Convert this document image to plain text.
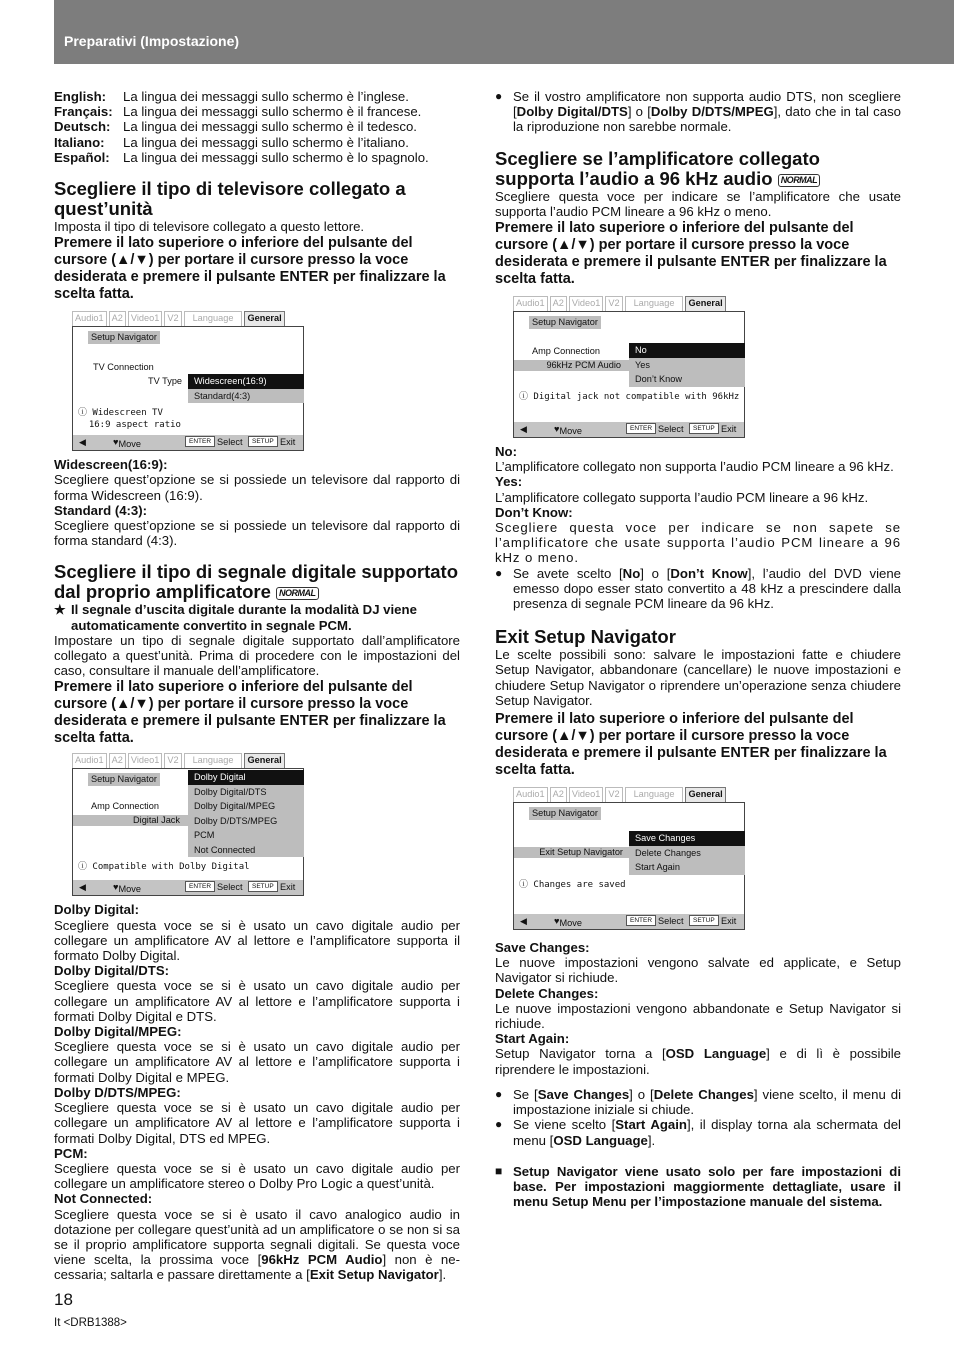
Preparativi (Impostazione)
English:	La lingua dei messaggi sullo schermo è l’inglese.
Français: La lingua dei messaggi sullo schermo è il francese.
Deutsch: La lingua dei messaggi sullo schermo è il tedesco.
Italiano:	La lingua dei messaggi sullo schermo è l’italiano.
Español:	La lingua dei messaggi sullo schermo è lo spagnolo.
Scegliere il tipo di televisore collegato a quest’unità

Imposta il tipo di televisore collegato a questo lettore.

Premere il lato superiore o inferiore del pulsante del cursore (▲/▼) per portare il cursore presso la voce desiderata e premere il pulsante ENTER per finalizzare la scelta fatta.
Audio1 A2 Video1 V2	Language	General
Setup Navigator
TV Connection
TV Type	Widescreen(16:9)
Standard(4:3)
ⓘ Widescreen TV
16:9 aspect ratio
◀	♥ Move	ENTER Select	SETUP Exit
Widescreen(16:9):

Scegliere quest’opzione se si possiede un televisore dal rapporto di forma Widescreen (16:9).

Standard (4:3):

Scegliere quest’opzione se si possiede un televisore dal rapporto di forma standard (4:3).

Scegliere il tipo di segnale digitale supportato dal proprio amplificatore NORMAL
★ Il segnale d’uscita digitale durante la modalità DJ viene automaticamente convertito in segnale PCM.

Impostare un tipo di segnale digitale supportato dall’amplificatore collegato a quest’unità. Prima di procedere con le impostazioni del caso, consultare il manuale dell’amplificatore.

Premere il lato superiore o inferiore del pulsante del cursore (▲/▼) per portare il cursore presso la voce desiderata e premere il pulsante ENTER per finalizzare la scelta fatta.
Audio1 A2 Video1 V2	Language	General
Setup Navigator
Amp Connection
Digital Jack
Dolby Digital
Dolby Digital/DTS
Dolby Digital/MPEG
Dolby D/DTS/MPEG
PCM
Not Connected
ⓘ Compatible with Dolby Digital
◀	♥ Move	ENTER Select	SETUP Exit
Dolby Digital:

Scegliere questa voce se si è usato un cavo digitale audio per collegare un amplificatore AV al lettore e l’amplificatore supporta il formato Dolby Digital.

Dolby Digital/DTS:

Scegliere questa voce se si è usato un cavo digitale audio per collegare un amplificatore AV al lettore e l’amplificatore supporta i formati Dolby Digital e DTS.

Dolby Digital/MPEG:

Scegliere questa voce se si è usato un cavo digitale audio per collegare un amplificatore AV al lettore e l’amplificatore supporta i formati Dolby Digital e MPEG.

Dolby D/DTS/MPEG:

Scegliere questa voce se si è usato un cavo digitale audio per collegare un amplificatore AV al lettore e l’amplificatore supporta i formati Dolby Digital, DTS ed MPEG.

PCM:

Scegliere questa voce se si è usato un cavo digitale audio per collegare un amplificatore stereo o Dolby Pro Logic a quest’unità.

Not Connected:

Scegliere questa voce se si è usato il cavo analogico audio in dotazione per collegare quest’unità ad un amplificatore o se non si sa se il proprio amplificatore supporta segnali digitali. Se questa voce viene scelta, la prossima voce [96kHz PCM Audio] non è necessaria; saltarla e passare direttamente a [Exit Setup Navigator].

● Se il vostro amplificatore non supporta audio DTS, non scegliere [Dolby Digital/DTS] o [Dolby D/DTS/MPEG], dato che in tal caso la riproduzione non sarebbe normale.

Scegliere se l’amplificatore collegato supporta l’audio a 96 kHz audio NORMAL

Scegliere questa voce per indicare se l’amplificatore che usate supporta l’audio PCM lineare a 96 kHz o meno.

Premere il lato superiore o inferiore del pulsante del cursore (▲/▼) per portare il cursore presso la voce desiderata e premere il pulsante ENTER per finalizzare la scelta fatta.
Audio1 A2 Video1 V2	Language	General
Setup Navigator
Amp Connection
96kHz PCM Audio
No
Yes
Don’t Know
ⓘ Digital jack not compatible with 96kHz
◀	♥ Move	ENTER Select	SETUP Exit
No:

L’amplificatore collegato non supporta l’audio PCM lineare a 96 kHz.

Yes:

L’amplificatore collegato supporta l’audio PCM lineare a 96 kHz.

Don’t Know:

Scegliere questa voce per indicare se non sapete se l’amplificatore che usate supporta l’audio PCM lineare a 96 kHz o meno.

● Se avete scelto [No] o [Don’t Know], l’audio del DVD viene emesso dopo esser stato convertito a 48 kHz a prescindere dalla presenza di segnale PCM lineare da 96 kHz.

Exit Setup Navigator

Le scelte possibili sono: salvare le impostazioni fatte e chiudere Setup Navigator, abbandonare (cancellare) le nuove impostazioni e chiudere Setup Navigator o riprendere un’operazione senza chiudere Setup Navigator.

Premere il lato superiore o inferiore del pulsante del cursore (▲/▼) per portare il cursore presso la voce desiderata e premere il pulsante ENTER per finalizzare la scelta fatta.
Audio1 A2 Video1 V2	Language	General
Setup Navigator
Exit Setup Navigator
Save Changes
Delete Changes
Start Again
ⓘ Changes are saved
◀	♥ Move	ENTER Select	SETUP Exit
Save Changes:

Le nuove impostazioni vengono salvate ed applicate, e Setup Navigator si richiude.

Delete Changes:

Le nuove impostazioni vengono abbandonate e Setup Navigator si richiude.

Start Again:

Setup Navigator torna a [OSD Language] e di lì è possibile riprendere le impostazioni.

● Se [Save Changes] o [Delete Changes] viene scelto, il menu di impostazione iniziale si chiude.

● Se viene scelto [Start Again], il display torna ala schermata del menu [OSD Language].

■ Setup Navigator viene usato solo per fare impostazioni di base. Per impostazioni maggiormente dettagliate, usare il menu Setup Menu per l’impostazione manuale del sistema.

18
It <DRB1388>
